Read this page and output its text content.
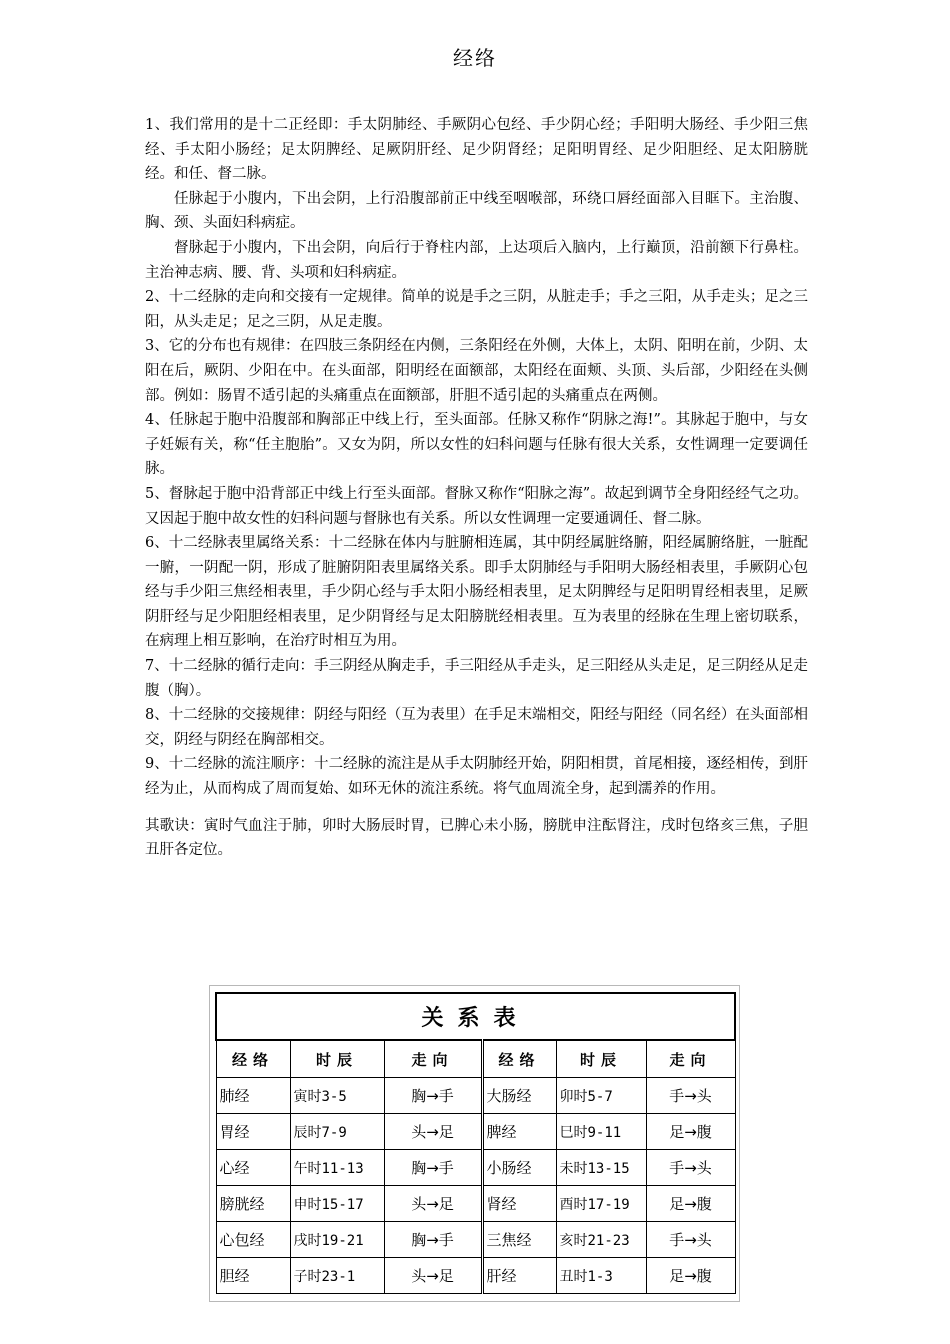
经络

1、我们常用的是十二正经即：手太阴肺经、手厥阴心包经、手少阴心经；手阳明大肠经、手少阳三焦经、手太阳小肠经；足太阴脾经、足厥阴肝经、足少阴肾经；足阳明胃经、足少阳胆经、足太阳膀胱经。和任、督二脉。

任脉起于小腹内，下出会阴，上行沿腹部前正中线至咽喉部，环绕口唇经面部入目眶下。主治腹、胸、颈、头面妇科病症。

督脉起于小腹内，下出会阴，向后行于脊柱内部，上达项后入脑内，上行巅顶，沿前额下行鼻柱。主治神志病、腰、背、头项和妇科病症。

2、十二经脉的走向和交接有一定规律。简单的说是手之三阴，从脏走手；手之三阳，从手走头；足之三阳，从头走足；足之三阴，从足走腹。

3、它的分布也有规律：在四肢三条阴经在内侧，三条阳经在外侧，大体上，太阴、阳明在前，少阴、太阳在后，厥阴、少阳在中。在头面部，阳明经在面额部，太阳经在面颊、头顶、头后部，少阳经在头侧部。例如：肠胃不适引起的头痛重点在面额部，肝胆不适引起的头痛重点在两侧。

4、任脉起于胞中沿腹部和胸部正中线上行，至头面部。任脉又称作“阴脉之海!”。其脉起于胞中，与女子妊娠有关，称“任主胞胎”。又女为阴，所以女性的妇科问题与任脉有很大关系，女性调理一定要调任脉。

5、督脉起于胞中沿背部正中线上行至头面部。督脉又称作“阳脉之海”。故起到调节全身阳经经气之功。又因起于胞中故女性的妇科问题与督脉也有关系。所以女性调理一定要通调任、督二脉。

6、十二经脉表里属络关系：十二经脉在体内与脏腑相连属，其中阴经属脏络腑，阳经属腑络脏，一脏配一腑，一阴配一阴，形成了脏腑阴阳表里属络关系。即手太阴肺经与手阳明大肠经相表里，手厥阴心包经与手少阳三焦经相表里，手少阴心经与手太阳小肠经相表里，足太阴脾经与足阳明胃经相表里，足厥阴肝经与足少阳胆经相表里，足少阴肾经与足太阳膀胱经相表里。互为表里的经脉在生理上密切联系，在病理上相互影响，在治疗时相互为用。

7、十二经脉的循行走向：手三阴经从胸走手，手三阳经从手走头，足三阳经从头走足，足三阴经从足走腹（胸）。

8、十二经脉的交接规律：阴经与阳经（互为表里）在手足末端相交，阳经与阳经（同名经）在头面部相交，阴经与阴经在胸部相交。

9、十二经脉的流注顺序：十二经脉的流注是从手太阴肺经开始，阴阳相贯，首尾相接，逐经相传，到肝经为止，从而构成了周而复始、如环无休的流注系统。将气血周流全身，起到濡养的作用。

其歌诀：寅时气血注于肺，卯时大肠辰时胃，已脾心未小肠，膀胱申注酝肾注，戌时包络亥三焦，子胆丑肝各定位。

关系表					
经络	时辰	走向	经络	时辰	走向
肺经	寅时3-5	胸→手	大肠经	卯时5-7	手→头
胃经	辰时7-9	头→足	脾经	巳时9-11	足→腹
心经	午时11-13	胸→手	小肠经	未时13-15	手→头
膀胱经	申时15-17	头→足	肾经	酉时17-19	足→腹
心包经	戌时19-21	胸→手	三焦经	亥时21-23	手→头
胆经	子时23-1	头→足	肝经	丑时1-3	足→腹
